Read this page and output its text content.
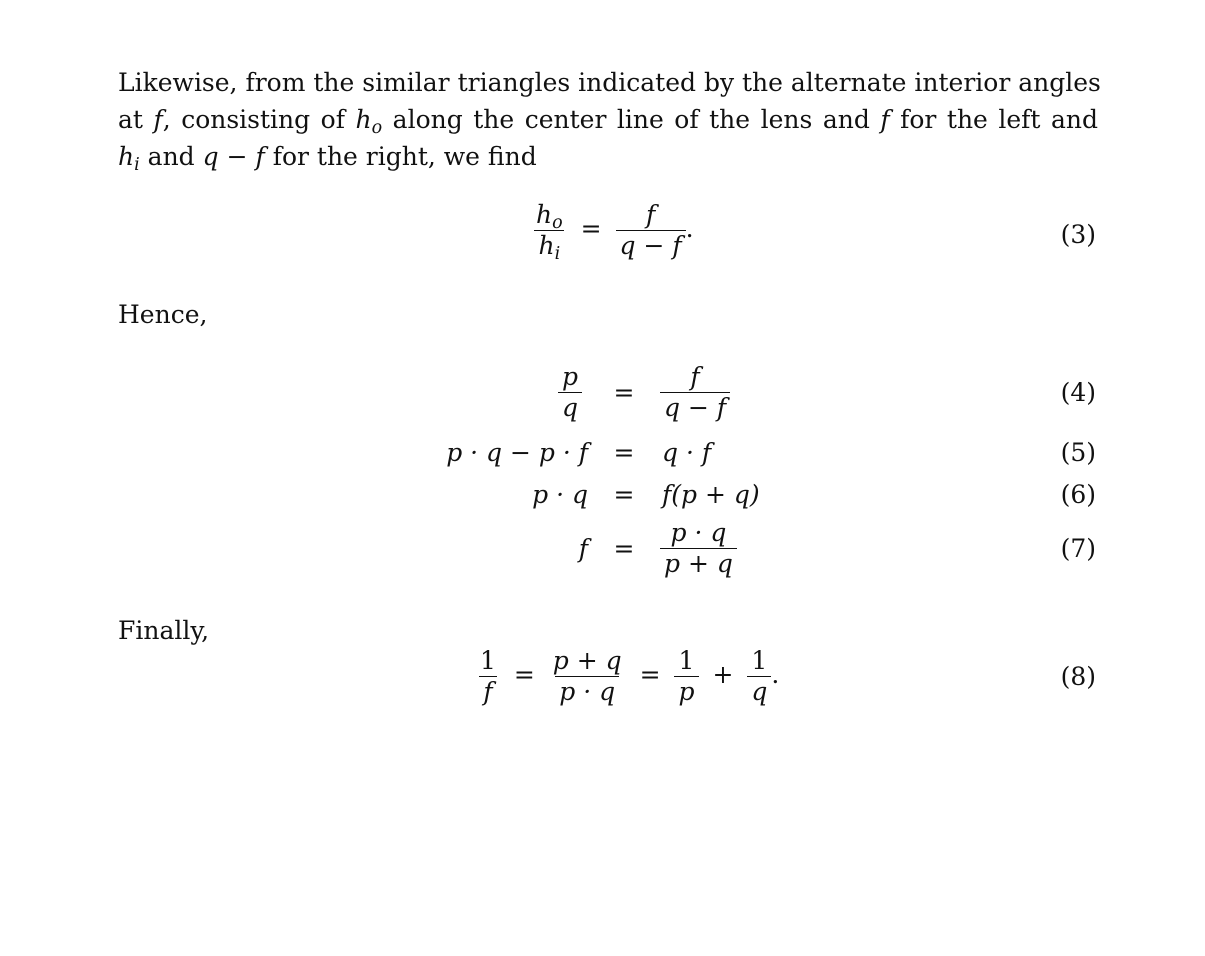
Likewise, from the similar triangles indicated by the alternate interior angles
at f, consisting of $h_o$ along the center line of the lens and f for the left and
$h_i$ and q − f for the right, we find
$\frac{h_o}{h_i} = \frac{f}{q - f}$ .	(3)
Hence,
$\frac{p}{q} = \frac{f}{q - f}$	(4)
p · q − p · f = q · f	(5)
p · q = f(p + q)	(6)
$f = \frac{p \cdot q}{p + q}$	(7)
Finally,
$\frac{1}{f} = \frac{p + q}{p \cdot q} = \frac{1}{p} + \frac{1}{q}$ .	(8)
